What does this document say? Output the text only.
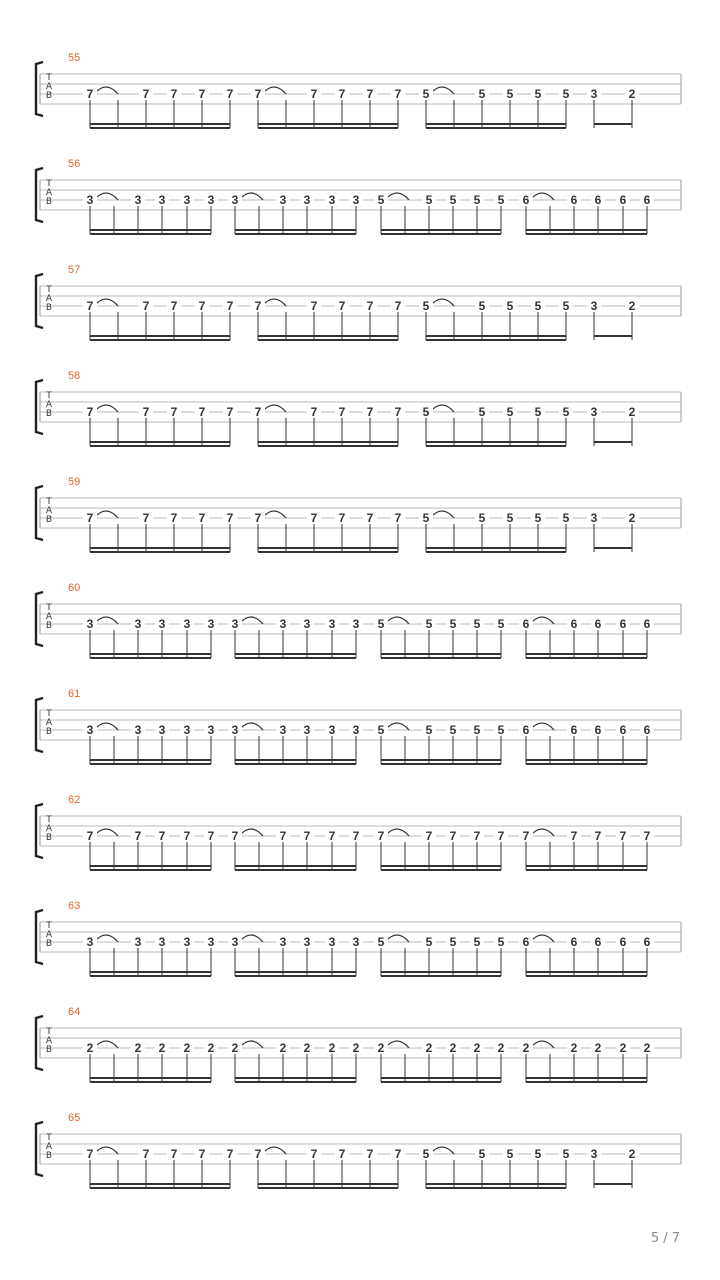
55
7	7	7	7	7	7	7	7	7	7	5	5	5	5	5	3	2
T
A
B
56
3	3	3	3	3	3	3	3	3	3	5	5	5	5	5	6	6	6	6	6
T
A
B
57
7	7	7	7	7	7	7	7	7	7	5	5	5	5	5	3	2
T
A
B
58
7	7	7	7	7	7	7	7	7	7	5	5	5	5	5	3	2
T
A
B
59
7	7	7	7	7	7	7	7	7	7	5	5	5	5	5	3	2
T
A
B
60
3	3	3	3	3	3	3	3	3	3	5	5	5	5	5	6	6	6	6	6
T
A
B
61
3	3	3	3	3	3	3	3	3	3	5	5	5	5	5	6	6	6	6	6
T
A
B
62
7	7	7	7	7	7	7	7	7	7	7	7	7	7	7	7	7	7	7	7
T
A
B
63
3	3	3	3	3	3	3	3	3	3	5	5	5	5	5	6	6	6	6	6
T
A
B
64
2	2	2	2	2	2	2	2	2	2	2	2	2	2	2	2	2	2	2	2
T
A
B
65
7	7	7	7	7	7	7	7	7	7	5	5	5	5	5	3	2
T
A
B
5 / 7
